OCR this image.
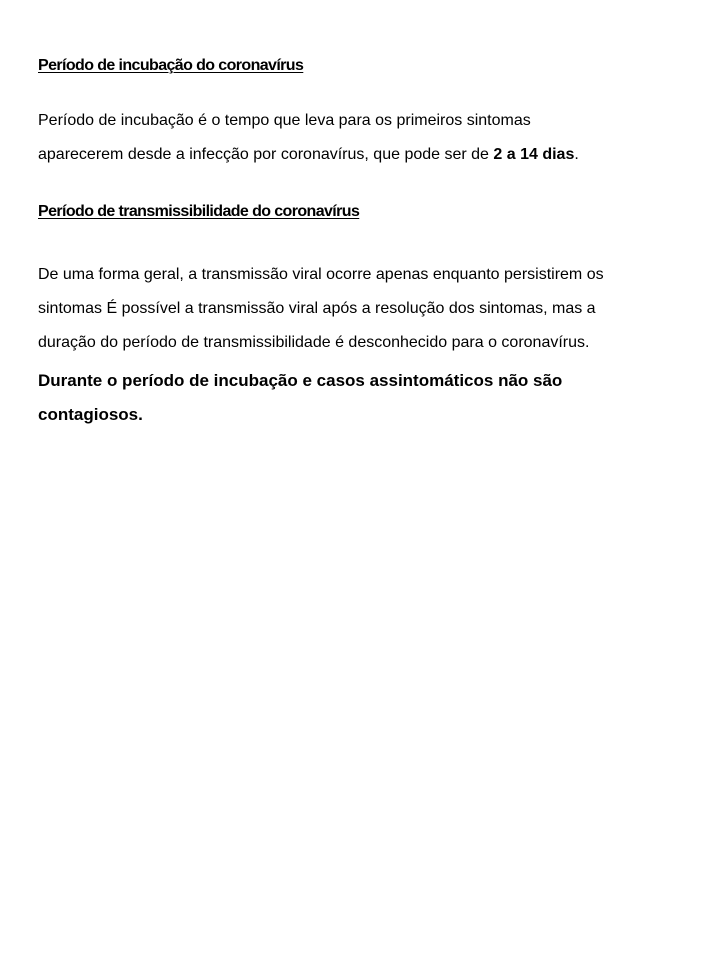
Período de incubação do coronavírus

Período de incubação é o tempo que leva para os primeiros sintomas
aparecerem desde a infecção por coronavírus, que pode ser de 2 a 14 dias.

Período de transmissibilidade do coronavírus

De uma forma geral, a transmissão viral ocorre apenas enquanto persistirem os
sintomas É possível a transmissão viral após a resolução dos sintomas, mas a
duração do período de transmissibilidade é desconhecido para o coronavírus.

Durante o período de incubação e casos assintomáticos não são
contagiosos.
